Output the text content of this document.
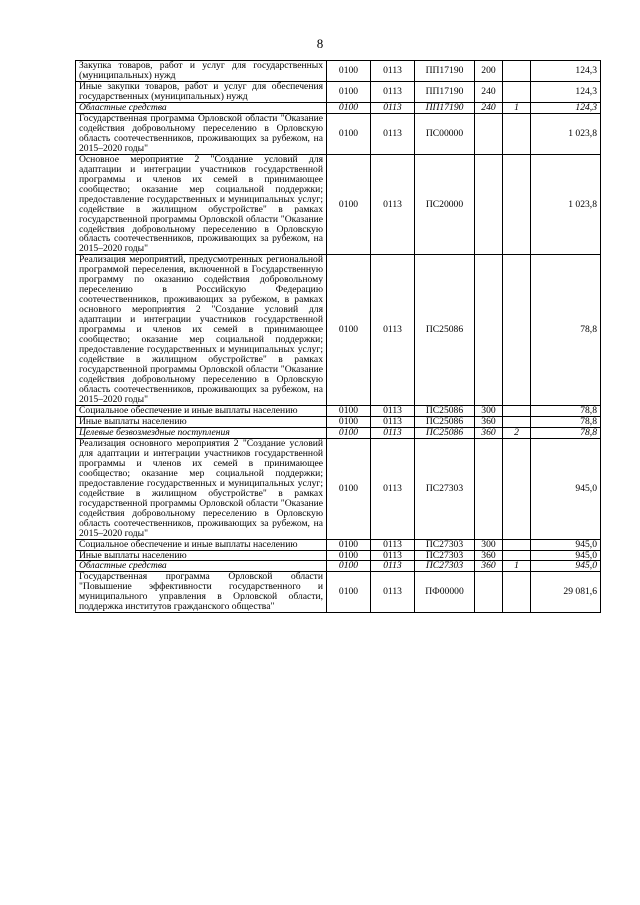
8
Закупка товаров, работ и услуг для государственных (муниципальных) нужд	0100	0113	ПП17190	200		124,3
Иные закупки товаров, работ и услуг для обеспечения государственных (муниципальных) нужд	0100	0113	ПП17190	240		124,3
Областные средства	0100	0113	ПП17190	240	1	124,3
Государственная программа Орловской области "Оказание содействия добровольному переселению в Орловскую область соотечественников, проживающих за рубежом, на 2015–2020 годы"	0100	0113	ПС00000			1 023,8
Основное мероприятие 2 "Создание условий для адаптации и интеграции участников государственной программы и членов их семей в принимающее сообщество; оказание мер социальной поддержки; предоставление государственных и муниципальных услуг; содействие в жилищном обустройстве" в рамках государственной программы Орловской области "Оказание содействия добровольному переселению в Орловскую область соотечественников, проживающих за рубежом, на 2015–2020 годы"	0100	0113	ПС20000			1 023,8
Реализация мероприятий, предусмотренных региональной программой переселения, включенной в Государственную программу по оказанию содействия добровольному переселению в Российскую Федерацию соотечественников, проживающих за рубежом, в рамках основного мероприятия 2 "Создание условий для адаптации и интеграции участников государственной программы и членов их семей в принимающее сообщество; оказание мер социальной поддержки; предоставление государственных и муниципальных услуг; содействие в жилищном обустройстве" в рамках государственной программы Орловской области "Оказание содействия добровольному переселению в Орловскую область соотечественников, проживающих за рубежом, на 2015–2020 годы"	0100	0113	ПС25086			78,8
Социальное обеспечение и иные выплаты населению	0100	0113	ПС25086	300		78,8
Иные выплаты населению	0100	0113	ПС25086	360		78,8
Целевые безвозмездные поступления	0100	0113	ПС25086	360	2	78,8
Реализация основного мероприятия 2 "Создание условий для адаптации и интеграции участников государственной программы и членов их семей в принимающее сообщество; оказание мер социальной поддержки; предоставление государственных и муниципальных услуг; содействие в жилищном обустройстве" в рамках государственной программы Орловской области "Оказание содействия добровольному переселению в Орловскую область соотечественников, проживающих за рубежом, на 2015–2020 годы"	0100	0113	ПС27303			945,0
Социальное обеспечение и иные выплаты населению	0100	0113	ПС27303	300		945,0
Иные выплаты населению	0100	0113	ПС27303	360		945,0
Областные средства	0100	0113	ПС27303	360	1	945,0
Государственная программа Орловской области "Повышение эффективности государственного и муниципального управления в Орловской области, поддержка институтов гражданского общества"	0100	0113	ПФ00000			29 081,6
